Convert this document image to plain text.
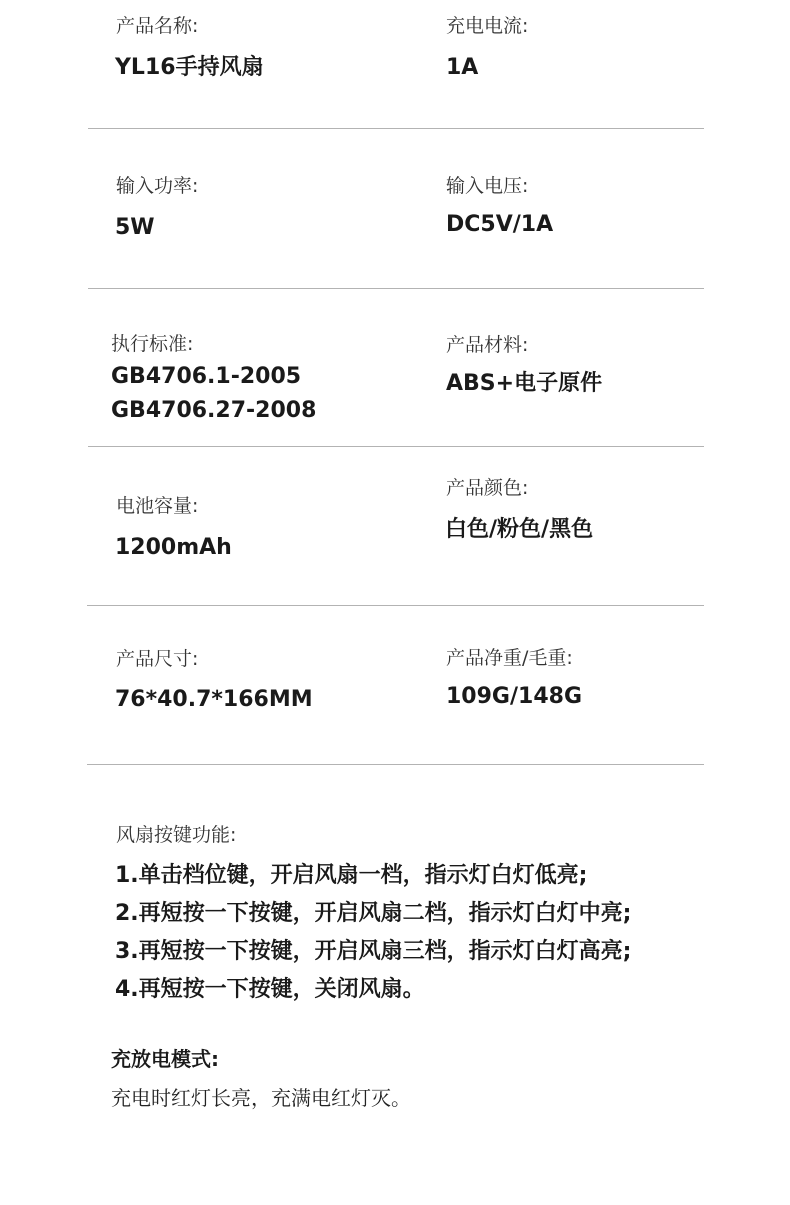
产品名称:
YL16手持风扇
充电电流:
1A
输入功率:
5W
输入电压:
DC5V/1A
执行标准:
GB4706.1-2005
GB4706.27-2008
产品材料:
ABS+电子原件
电池容量:
1200mAh
产品颜色:
白色/粉色/黑色
产品尺寸:
76*40.7*166MM
产品净重/毛重:
109G/148G
风扇按键功能:
1.单击档位键，开启风扇一档，指示灯白灯低亮;
2.再短按一下按键，开启风扇二档，指示灯白灯中亮;
3.再短按一下按键，开启风扇三档，指示灯白灯高亮;
4.再短按一下按键，关闭风扇。
充放电模式:
充电时红灯长亮，充满电红灯灭。
